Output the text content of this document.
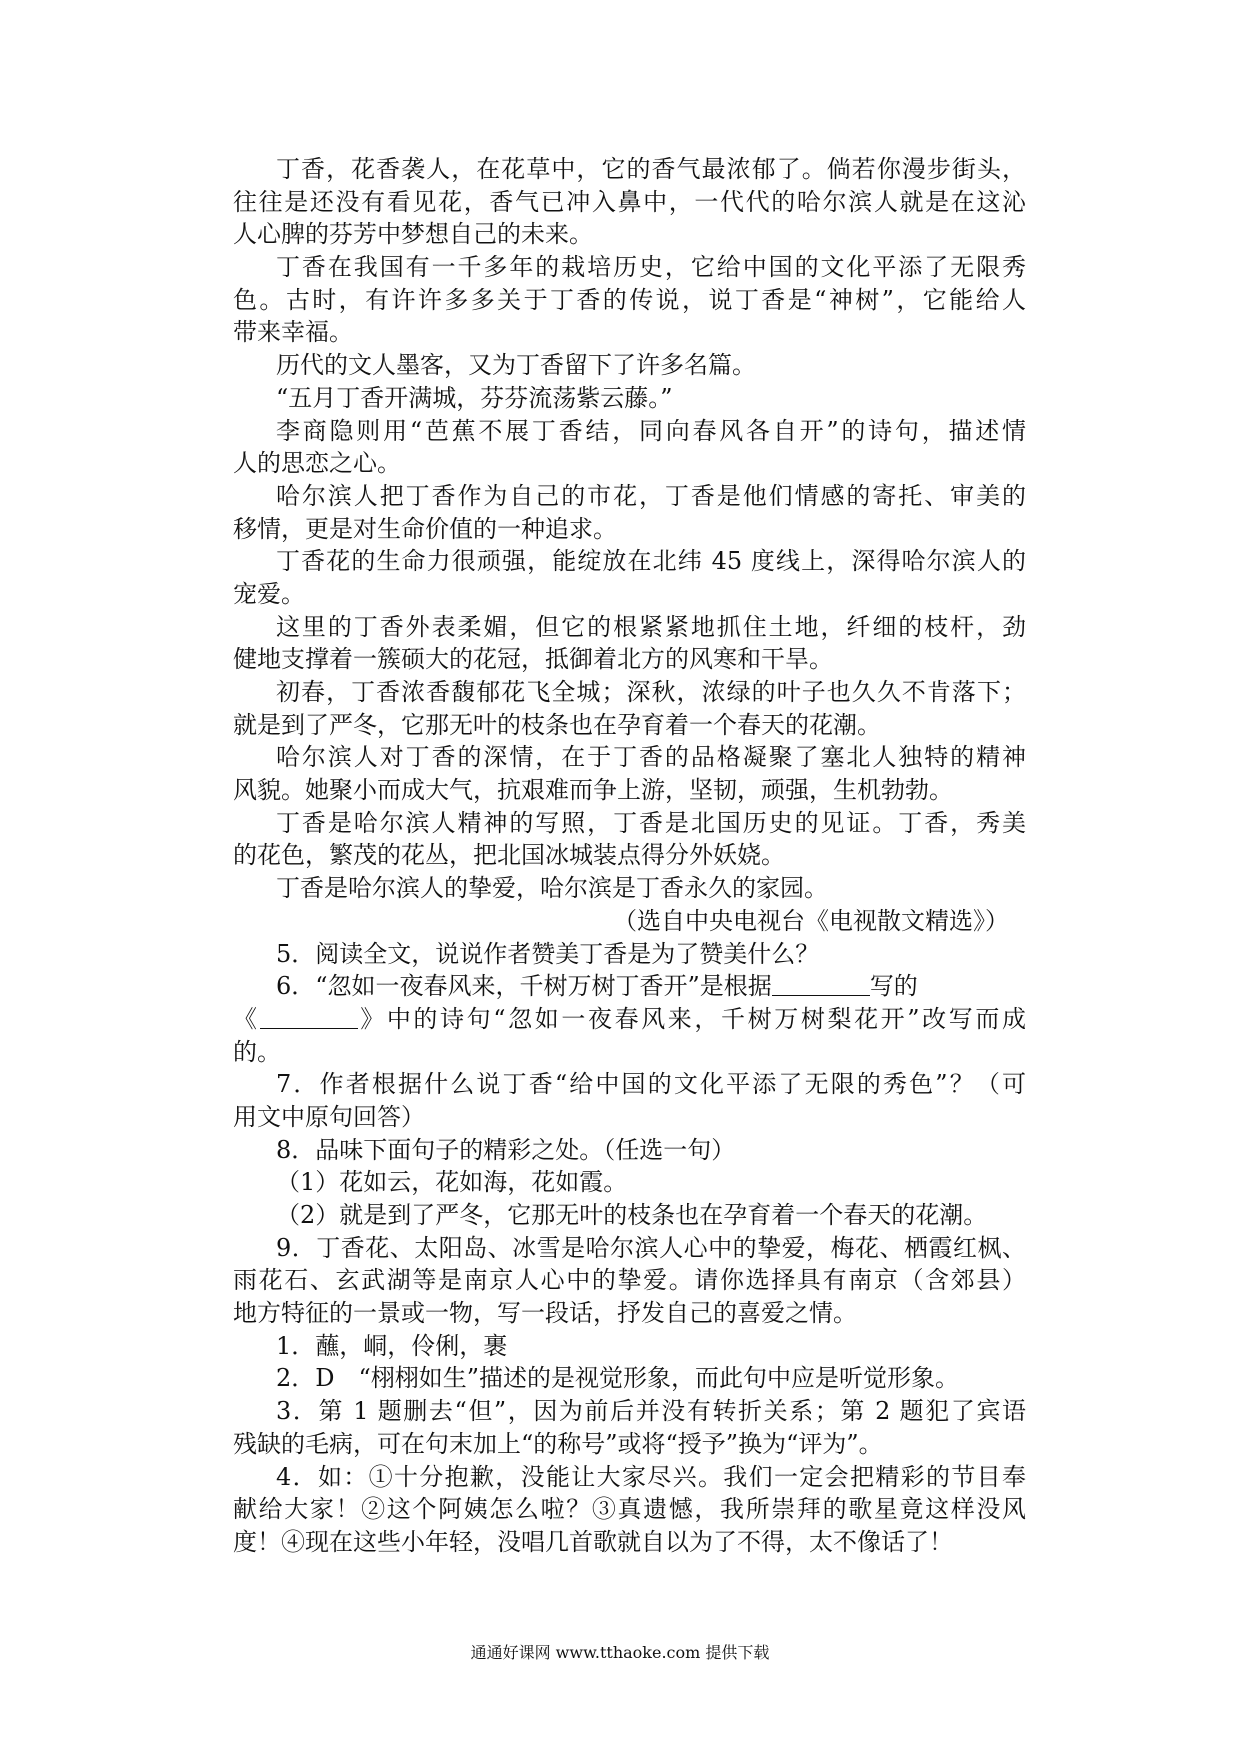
丁香，花香袭人，在花草中，它的香气最浓郁了。倘若你漫步街头，
往往是还没有看见花，香气已冲入鼻中，一代代的哈尔滨人就是在这沁
人心脾的芬芳中梦想自己的未来。
丁香在我国有一千多年的栽培历史，它给中国的文化平添了无限秀
色。古时，有许许多多关于丁香的传说，说丁香是“神树”，它能给人
带来幸福。
历代的文人墨客，又为丁香留下了许多名篇。
“五月丁香开满城，芬芬流荡紫云藤。”
李商隐则用“芭蕉不展丁香结，同向春风各自开”的诗句，描述情
人的思恋之心。
哈尔滨人把丁香作为自己的市花，丁香是他们情感的寄托、审美的
移情，更是对生命价值的一种追求。
丁香花的生命力很顽强，能绽放在北纬 45 度线上，深得哈尔滨人的
宠爱。
这里的丁香外表柔媚，但它的根紧紧地抓住土地，纤细的枝杆，劲
健地支撑着一簇硕大的花冠，抵御着北方的风寒和干旱。
初春，丁香浓香馥郁花飞全城；深秋，浓绿的叶子也久久不肯落下；
就是到了严冬，它那无叶的枝条也在孕育着一个春天的花潮。
哈尔滨人对丁香的深情，在于丁香的品格凝聚了塞北人独特的精神
风貌。她聚小而成大气，抗艰难而争上游，坚韧，顽强，生机勃勃。
丁香是哈尔滨人精神的写照，丁香是北国历史的见证。丁香，秀美
的花色，繁茂的花丛，把北国冰城装点得分外妖娆。
丁香是哈尔滨人的挚爱，哈尔滨是丁香永久的家园。
（选自中央电视台《电视散文精选》）
5．阅读全文，说说作者赞美丁香是为了赞美什么？
6．“忽如一夜春风来，千树万树丁香开”是根据	写的
《	》中的诗句“忽如一夜春风来，千树万树梨花开”改写而成
的。
7．作者根据什么说丁香“给中国的文化平添了无限的秀色”？（可
用文中原句回答）
8．品味下面句子的精彩之处。（任选一句）
（1）花如云，花如海，花如霞。
（2）就是到了严冬，它那无叶的枝条也在孕育着一个春天的花潮。
9．丁香花、太阳岛、冰雪是哈尔滨人心中的挚爱，梅花、栖霞红枫、
雨花石、玄武湖等是南京人心中的挚爱。请你选择具有南京（含郊县）
地方特征的一景或一物，写一段话，抒发自己的喜爱之情。
1．蘸，峒，伶俐，裹
2．D　“栩栩如生”描述的是视觉形象，而此句中应是听觉形象。
3．第 1 题删去“但”，因为前后并没有转折关系；第 2 题犯了宾语
残缺的毛病，可在句末加上“的称号”或将“授予”换为“评为”。
4．如：①十分抱歉，没能让大家尽兴。我们一定会把精彩的节目奉
献给大家！②这个阿姨怎么啦？③真遗憾，我所崇拜的歌星竟这样没风
度！④现在这些小年轻，没唱几首歌就自以为了不得，太不像话了！
通通好课网 www.tthaoke.com 提供下载
